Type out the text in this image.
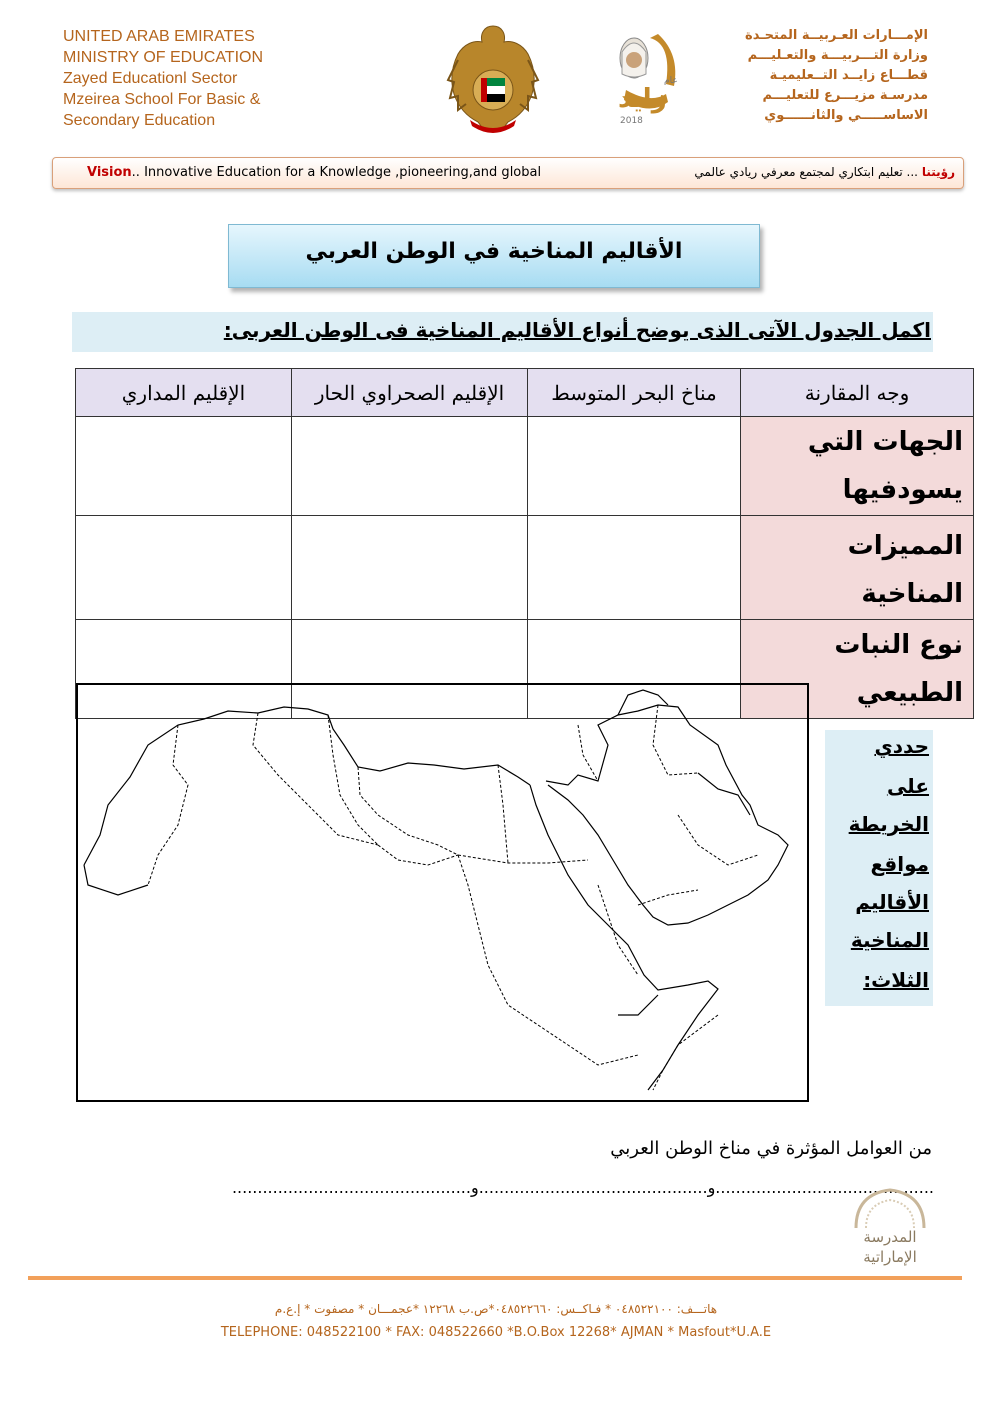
UNITED ARAB EMIRATES
MINISTRY OF EDUCATION
Zayed Educationl Sector
Mzeirea School For Basic &
Secondary Education
عام
زايد
2018
الإمـــارات العـربيــة المتحـدة
وزارة التـــربيـــة والتعـليـــم
قطـــاع زايــد التــعليميـة
مدرسـة مزيـــرع للتعليـــم
الاساســـــي والثانــــــوي
Vision.. Innovative Education for a Knowledge ,pioneering,and global	رؤيتنا ... تعليم ابتكاري لمجتمع معرفي ريادي عالمي
الأقاليم المناخية في الوطن العربي
اكمل الجدول الآتى الذى يوضح أنواع الأقاليم المناخية فى الوطن العربى:
وجه المقارنة	مناخ البحر المتوسط	الإقليم الصحراوي الحار	الإقليم المداري
الجهات التي يسودفيها			
المميزات المناخية			
نوع النبات الطبيعي			
حددي
على
الخريطة
مواقع
الأقاليم
المناخية
الثلاث:
من العوامل المؤثرة في مناخ الوطن العربي
...........................................و.............................................و...............................................
المدرسة
الإماراتية
هاتـــف: ٠٤٨٥٢٢١٠٠ * فـاكــس: ٠٤٨٥٢٢٦٦٠*ص.ب ١٢٢٦٨ *عجمـــان * مصفوت * إ.ع.م
TELEPHONE: 048522100 * FAX: 048522660 *B.O.Box 12268* AJMAN * Masfout*U.A.E
